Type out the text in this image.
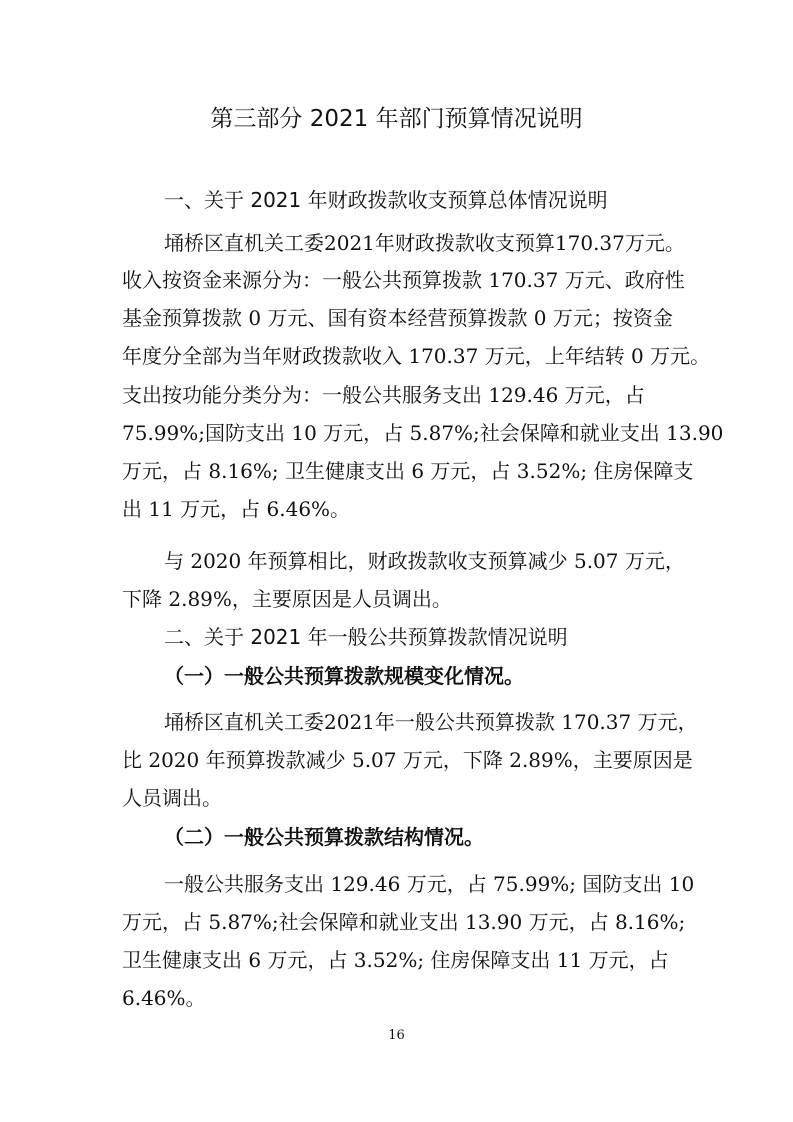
第三部分 2021 年部门预算情况说明
一、关于 2021 年财政拨款收支预算总体情况说明
埇桥区直机关工委2021年财政拨款收支预算170.37万元。
收入按资金来源分为：一般公共预算拨款 170.37 万元、政府性
基金预算拨款 0 万元、国有资本经营预算拨款 0 万元；按资金
年度分全部为当年财政拨款收入 170.37 万元，上年结转 0 万元。
支出按功能分类分为：一般公共服务支出 129.46 万元，占
75.99%;国防支出 10 万元，占 5.87%;社会保障和就业支出 13.90
万元，占 8.16%; 卫生健康支出 6 万元，占 3.52%; 住房保障支
出 11 万元，占 6.46%。
与 2020 年预算相比，财政拨款收支预算减少 5.07 万元，
下降 2.89%，主要原因是人员调出。
二、关于 2021 年一般公共预算拨款情况说明
（一）一般公共预算拨款规模变化情况。
埇桥区直机关工委2021年一般公共预算拨款 170.37 万元，
比 2020 年预算拨款减少 5.07 万元，下降 2.89%，主要原因是
人员调出。
（二）一般公共预算拨款结构情况。
一般公共服务支出 129.46 万元，占 75.99%; 国防支出 10
万元，占 5.87%;社会保障和就业支出 13.90 万元，占 8.16%;
卫生健康支出 6 万元，占 3.52%; 住房保障支出 11 万元，占
6.46%。
16
